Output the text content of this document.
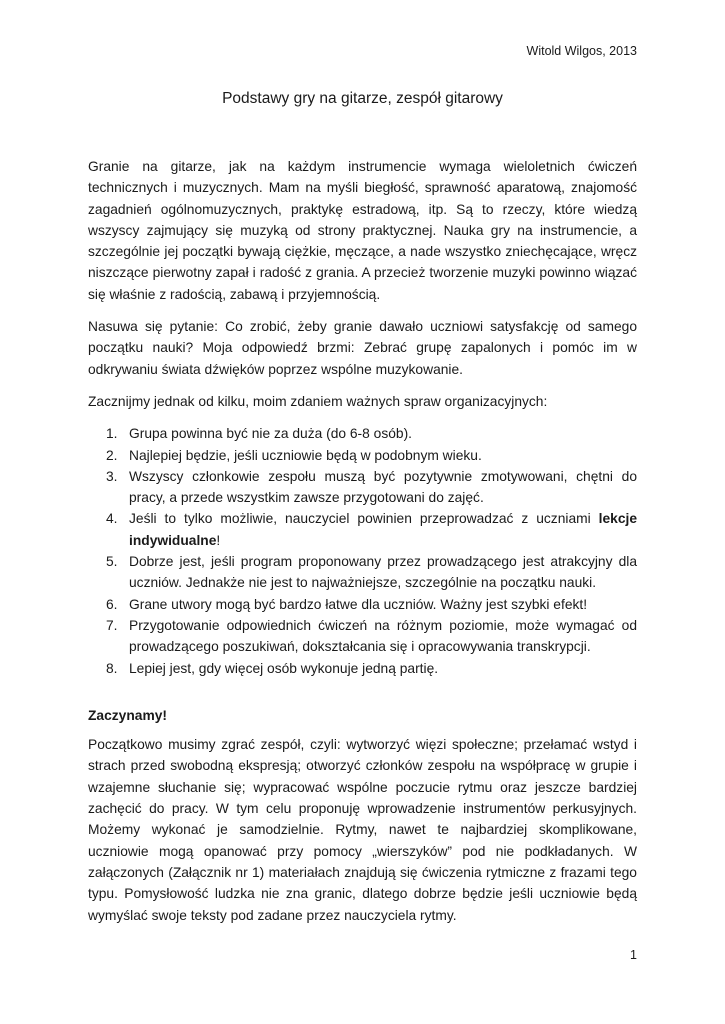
Witold Wilgos, 2013
Podstawy gry na gitarze, zespół gitarowy

Granie na gitarze, jak na każdym instrumencie wymaga wieloletnich ćwiczeń technicznych i muzycznych. Mam na myśli biegłość, sprawność aparatową, znajomość zagadnień ogólnomuzycznych, praktykę estradową, itp. Są to rzeczy, które wiedzą wszyscy zajmujący się muzyką od strony praktycznej. Nauka gry na instrumencie, a szczególnie jej początki bywają ciężkie, męczące, a nade wszystko zniechęcające, wręcz niszczące pierwotny zapał i radość z grania. A przecież tworzenie muzyki powinno wiązać się właśnie z radością, zabawą i przyjemnością.

Nasuwa się pytanie: Co zrobić, żeby granie dawało uczniowi satysfakcję od samego początku nauki? Moja odpowiedź brzmi: Zebrać grupę zapalonych i pomóc im w odkrywaniu świata dźwięków poprzez wspólne muzykowanie.

Zacznijmy jednak od kilku, moim zdaniem ważnych spraw organizacyjnych:

1. Grupa powinna być nie za duża (do 6-8 osób).
2. Najlepiej będzie, jeśli uczniowie będą w podobnym wieku.
3. Wszyscy członkowie zespołu muszą być pozytywnie zmotywowani, chętni do pracy, a przede wszystkim zawsze przygotowani do zajęć.
4. Jeśli to tylko możliwie, nauczyciel powinien przeprowadzać z uczniami lekcje indywidualne!
5. Dobrze jest, jeśli program proponowany przez prowadzącego jest atrakcyjny dla uczniów. Jednakże nie jest to najważniejsze, szczególnie na początku nauki.
6. Grane utwory mogą być bardzo łatwe dla uczniów. Ważny jest szybki efekt!
7. Przygotowanie odpowiednich ćwiczeń na różnym poziomie, może wymagać od prowadzącego poszukiwań, dokształcania się i opracowywania transkrypcji.
8. Lepiej jest, gdy więcej osób wykonuje jedną partię.
Zaczynamy!

Początkowo musimy zgrać zespół, czyli: wytworzyć więzi społeczne; przełamać wstyd i strach przed swobodną ekspresją; otworzyć członków zespołu na współpracę w grupie i wzajemne słuchanie się; wypracować wspólne poczucie rytmu oraz jeszcze bardziej zachęcić do pracy. W tym celu proponuję wprowadzenie instrumentów perkusyjnych. Możemy wykonać je samodzielnie. Rytmy, nawet te najbardziej skomplikowane, uczniowie mogą opanować przy pomocy „wierszyków” pod nie podkładanych. W załączonych (Załącznik nr 1) materiałach znajdują się ćwiczenia rytmiczne z frazami tego typu. Pomysłowość ludzka nie zna granic, dlatego dobrze będzie jeśli uczniowie będą wymyślać swoje teksty pod zadane przez nauczyciela rytmy.

1
